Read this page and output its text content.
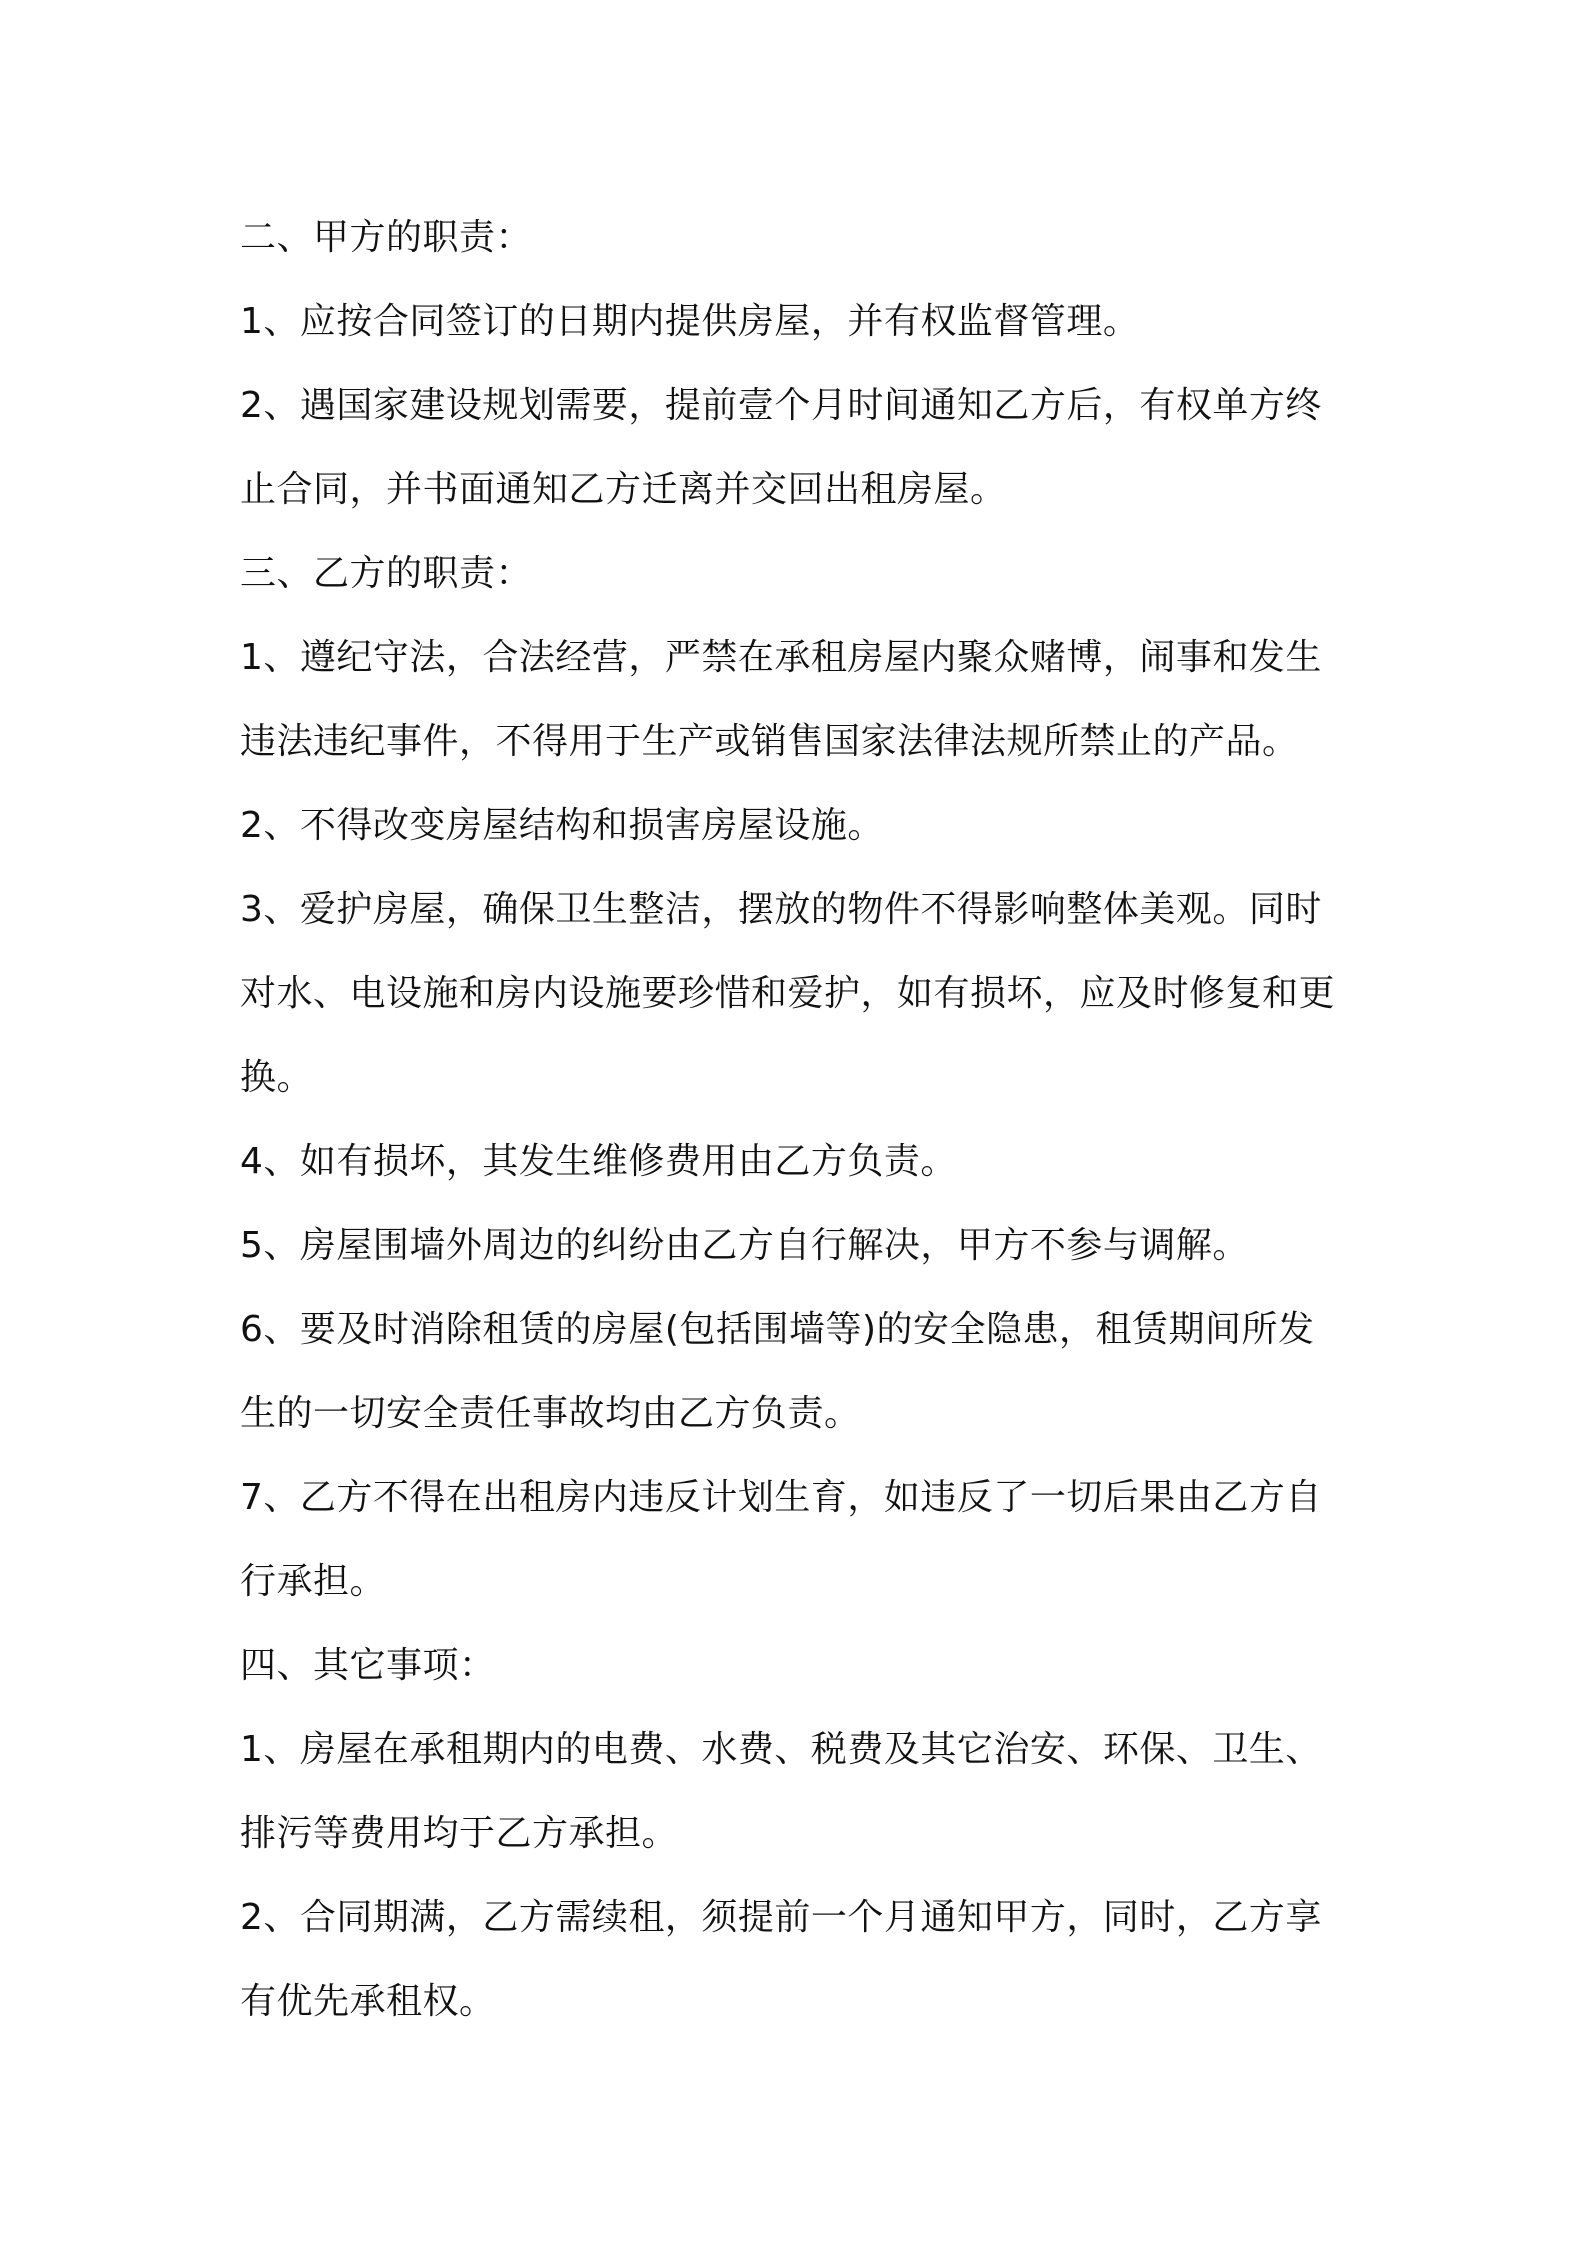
二、甲方的职责：
1、应按合同签订的日期内提供房屋，并有权监督管理。
2、遇国家建设规划需要，提前壹个月时间通知乙方后，有权单方终
止合同，并书面通知乙方迁离并交回出租房屋。
三、乙方的职责：
1、遵纪守法，合法经营，严禁在承租房屋内聚众赌博，闹事和发生
违法违纪事件，不得用于生产或销售国家法律法规所禁止的产品。
2、不得改变房屋结构和损害房屋设施。
3、爱护房屋，确保卫生整洁，摆放的物件不得影响整体美观。同时
对水、电设施和房内设施要珍惜和爱护，如有损坏，应及时修复和更
换。
4、如有损坏，其发生维修费用由乙方负责。
5、房屋围墙外周边的纠纷由乙方自行解决，甲方不参与调解。
6、要及时消除租赁的房屋(包括围墙等)的安全隐患，租赁期间所发
生的一切安全责任事故均由乙方负责。
7、乙方不得在出租房内违反计划生育，如违反了一切后果由乙方自
行承担。
四、其它事项：
1、房屋在承租期内的电费、水费、税费及其它治安、环保、卫生、
排污等费用均于乙方承担。
2、合同期满，乙方需续租，须提前一个月通知甲方，同时，乙方享
有优先承租权。
